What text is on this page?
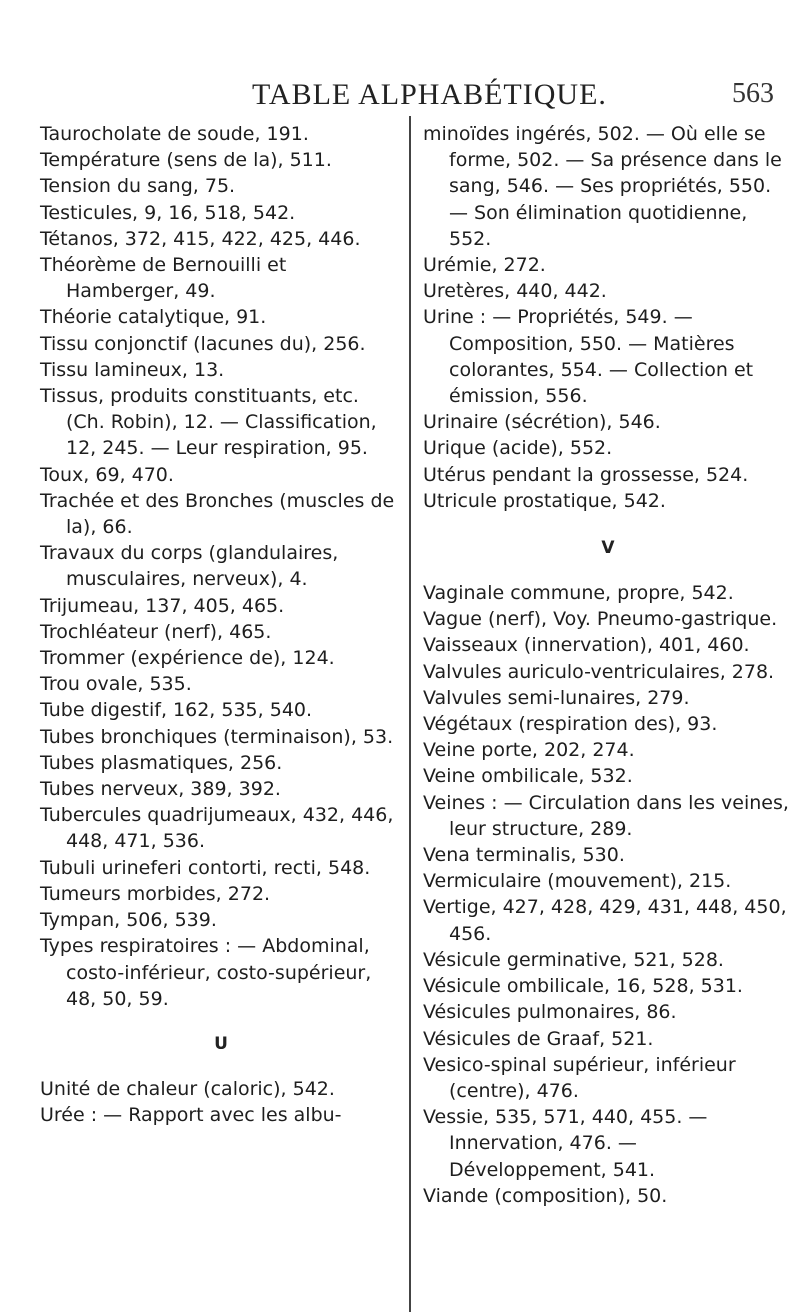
TABLE ALPHABÉTIQUE.	563

Taurocholate de soude, 191.

Température (sens de la), 511.

Tension du sang, 75.

Testicules, 9, 16, 518, 542.

Tétanos, 372, 415, 422, 425, 446.

Théorème de Bernouilli et Hamberger, 49.

Théorie catalytique, 91.

Tissu conjonctif (lacunes du), 256.

Tissu lamineux, 13.

Tissus, produits constituants, etc. (Ch. Robin), 12. — Classification, 12, 245. — Leur respiration, 95.

Toux, 69, 470.

Trachée et des Bronches (muscles de la), 66.

Travaux du corps (glandulaires, musculaires, nerveux), 4.

Trijumeau, 137, 405, 465.

Trochléateur (nerf), 465.

Trommer (expérience de), 124.

Trou ovale, 535.

Tube digestif, 162, 535, 540.

Tubes bronchiques (terminaison), 53.

Tubes plasmatiques, 256.

Tubes nerveux, 389, 392.

Tubercules quadrijumeaux, 432, 446, 448, 471, 536.

Tubuli urineferi contorti, recti, 548.

Tumeurs morbides, 272.

Tympan, 506, 539.

Types respiratoires : — Abdominal, costo-inférieur, costo-supérieur, 48, 50, 59.

U

Unité de chaleur (caloric), 542.

Urée : — Rapport avec les albu-

minoïdes ingérés, 502. — Où elle se forme, 502. — Sa présence dans le sang, 546. — Ses propriétés, 550. — Son élimination quotidienne, 552.

Urémie, 272.

Uretères, 440, 442.

Urine : — Propriétés, 549. — Composition, 550. — Matières colorantes, 554. — Collection et émission, 556.

Urinaire (sécrétion), 546.

Urique (acide), 552.

Utérus pendant la grossesse, 524.

Utricule prostatique, 542.

V

Vaginale commune, propre, 542.

Vague (nerf), Voy. Pneumo-gastrique.

Vaisseaux (innervation), 401, 460.

Valvules auriculo-ventriculaires, 278.

Valvules semi-lunaires, 279.

Végétaux (respiration des), 93.

Veine porte, 202, 274.

Veine ombilicale, 532.

Veines : — Circulation dans les veines, leur structure, 289.

Vena terminalis, 530.

Vermiculaire (mouvement), 215.

Vertige, 427, 428, 429, 431, 448, 450, 456.

Vésicule germinative, 521, 528.

Vésicule ombilicale, 16, 528, 531.

Vésicules pulmonaires, 86.

Vésicules de Graaf, 521.

Vesico-spinal supérieur, inférieur (centre), 476.

Vessie, 535, 571, 440, 455. — Innervation, 476. — Développement, 541.

Viande (composition), 50.
